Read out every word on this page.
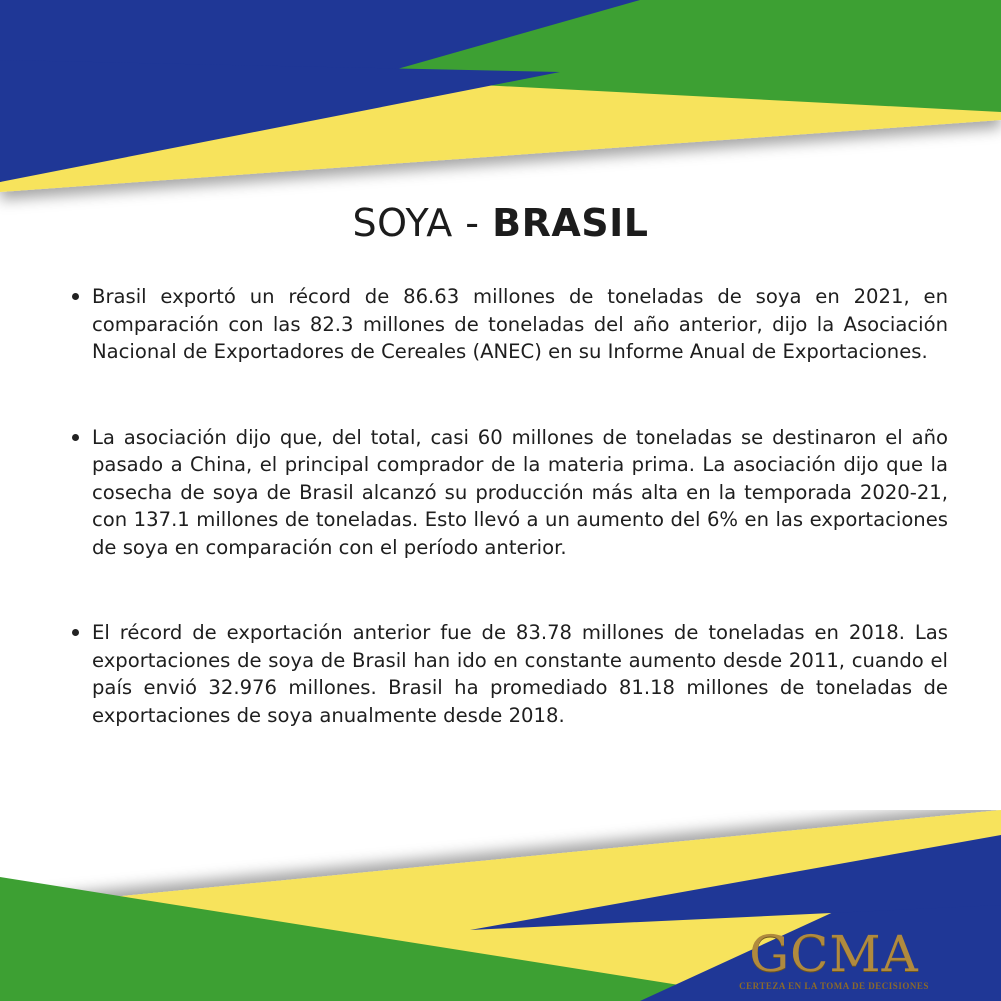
SOYA - BRASIL
Brasil exportó un récord de 86.63 millones de toneladas de soya en 2021, en comparación con las 82.3 millones de toneladas del año anterior, dijo la Asociación Nacional de Exportadores de Cereales (ANEC) en su Informe Anual de Exportaciones.
La asociación dijo que, del total, casi 60 millones de toneladas se destinaron el año pasado a China, el principal comprador de la materia prima. La asociación dijo que la cosecha de soya de Brasil alcanzó su producción más alta en la temporada 2020-21, con 137.1 millones de toneladas. Esto llevó a un aumento del 6% en las exportaciones de soya en comparación con el período anterior.
El récord de exportación anterior fue de 83.78 millones de toneladas en 2018. Las exportaciones de soya de Brasil han ido en constante aumento desde 2011, cuando el país envió 32.976 millones. Brasil ha promediado 81.18 millones de toneladas de exportaciones de soya anualmente desde 2018.
GCMA
CERTEZA EN LA TOMA DE DECISIONES
